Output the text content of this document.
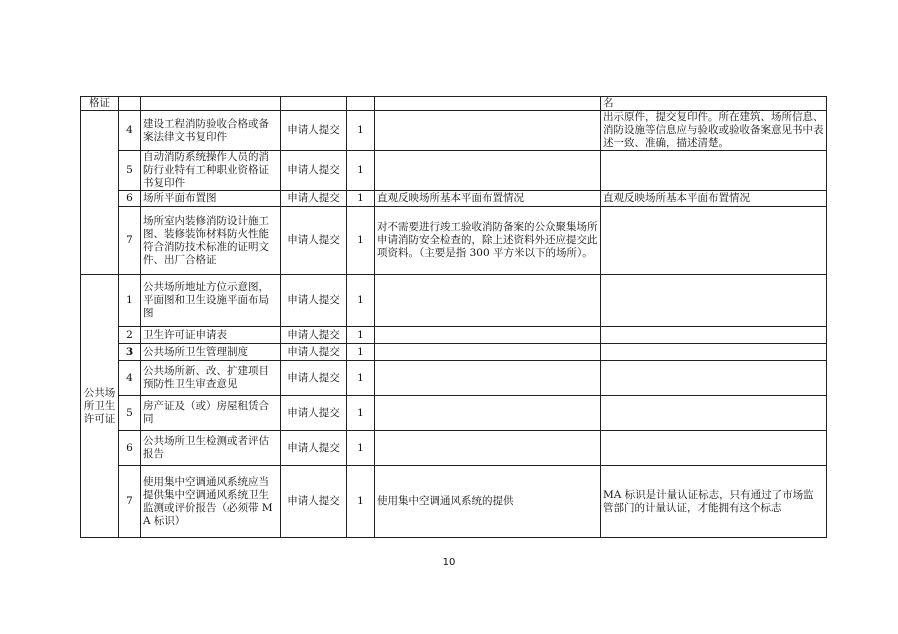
格证						名
	4	建设工程消防验收合格或备案法律文书复印件	申请人提交	1		出示原件，提交复印件。所在建筑、场所信息、消防设施等信息应与验收或验收备案意见书中表述一致、准确，描述清楚。
	5	自动消防系统操作人员的消防行业特有工种职业资格证书复印件	申请人提交	1		
	6	场所平面布置图	申请人提交	1	直观反映场所基本平面布置情况	直观反映场所基本平面布置情况
	7	场所室内装修消防设计施工图、装修装饰材料防火性能符合消防技术标准的证明文件、出厂合格证	申请人提交	1	对不需要进行竣工验收消防备案的公众聚集场所申请消防安全检查的，除上述资料外还应提交此项资料。（主要是指 300 平方米以下的场所）。	
公共场所卫生许可证	1	公共场所地址方位示意图，平面图和卫生设施平面布局图	申请人提交	1		
	2	卫生许可证申请表	申请人提交	1		
	3	公共场所卫生管理制度	申请人提交	1		
	4	公共场所新、改、扩建项目预防性卫生审查意见	申请人提交	1		
	5	房产证及（或）房屋租赁合同	申请人提交	1		
	6	公共场所卫生检测或者评估报告	申请人提交	1		
	7	使用集中空调通风系统应当提供集中空调通风系统卫生监测或评价报告（必须带 MA 标识）	申请人提交	1	使用集中空调通风系统的提供	MA 标识是计量认证标志，只有通过了市场监管部门的计量认证，才能拥有这个标志
10
